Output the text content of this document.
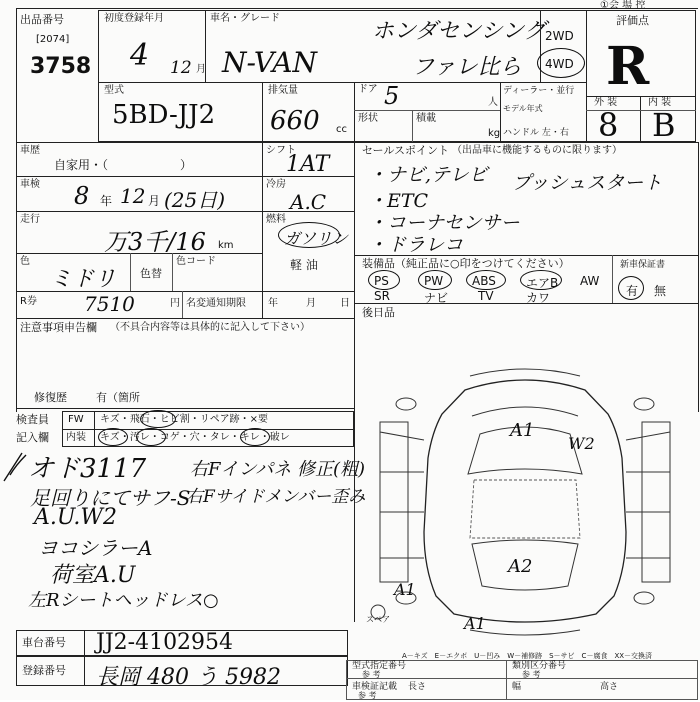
出品番号
[2074]
3758
初度登録年月
4 12 月
車名・グレード
N-VAN
ホンダセンシング
ファレ比ら
2WD
4WD
①会 場 控
評価点
R
型式
5BD-JJ2
排気量
660 cc
ドア 5	人
形状	積載
kg
ディーラー・並行
モデル年式
ハンドル 左・右
外 装	内 装
8 B
車歴
自家用・（　　　　　　）
シフト
1AT
車検 8 年 12 月 (25日)
冷房
A.C
走行
万3千/16 km
燃料
ガソリン
軽 油
色
ミドリ 色替
色コード
R券 7510	円 名変通知期限 年	月 日
セールスポイント （出品車に機能するものに限ります）
・ナビ,テレビ プッシュスタート
・ETC
・コーナセンサー
・ドラレコ
装備品（純正品に○印をつけてください）	新車保証書
PS	PW ABS	エアB AW
SR	ナビ TV	カワ	有 無
後日品
注意事項申告欄 （不具合内容等は具体的に記入して下さい）
修復歴	有（箇所
検査員
記入欄
FW キズ・飛石・ヒビ割・リペア跡・×要
内装 キズ・汚レ・コゲ・穴・タレ・キレ・破レ
オド3117
足回りにてサフ-S
A.U.W2
ヨコシラーA
荷室A.U
左Rシートヘッドレス○
右Fインパネ 修正(粗)
右Fサイドメンバー歪み
A1
W2
A2
A1
A1
スペア
車台番号 JJ2-4102954
登録番号 長岡 480 う 5982
A－キズ　E－エクボ　U－凹み　W－補修跡　S－サビ　C－腐食　XX－交換済
型式指定番号
参 考
類別区分番号
参 考
車検証記載
参 考
長さ	幅	高さ
